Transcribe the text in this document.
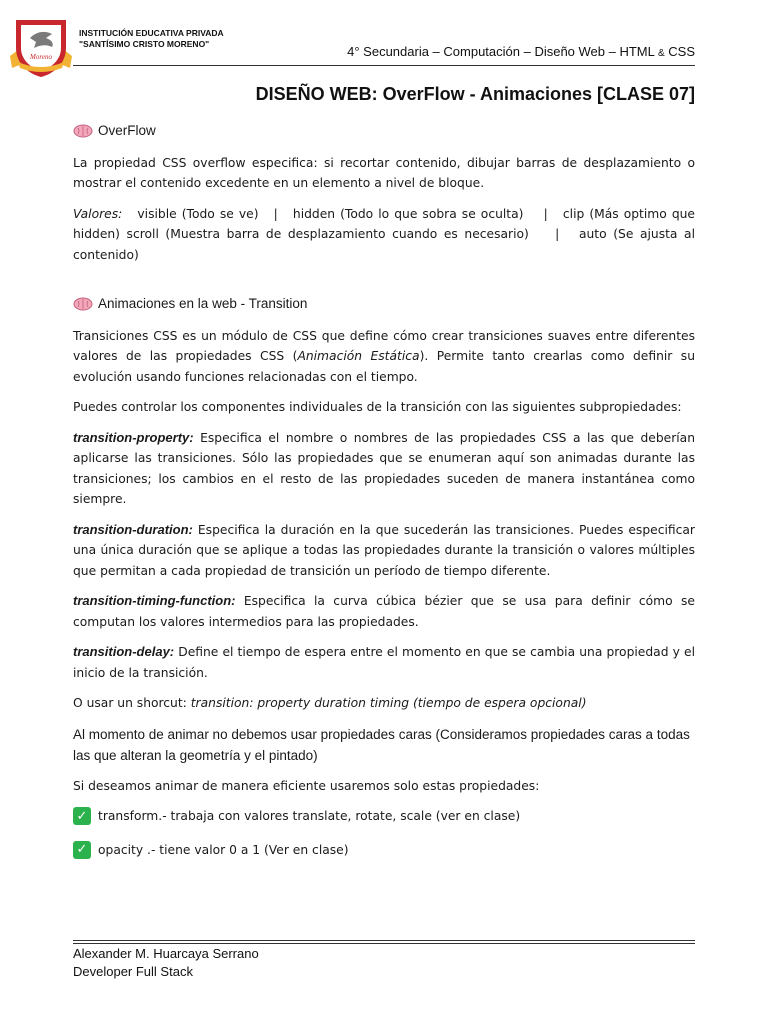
Moreno
INSTITUCIÓN EDUCATIVA PRIVADA
"SANTÍSIMO CRISTO MORENO"	4° Secundaria – Computación – Diseño Web – HTML & CSS
DISEÑO WEB: OverFlow - Animaciones [CLASE 07]
OverFlow

La propiedad CSS overflow especifica: si recortar contenido, dibujar barras de desplazamiento o mostrar el contenido excedente en un elemento a nivel de bloque.

Valores:   visible (Todo se ve)   |   hidden (Todo lo que sobra se oculta)    |   clip (Más optimo que hidden) scroll (Muestra barra de desplazamiento cuando es necesario)    |   auto (Se ajusta al contenido)

Animaciones en la web - Transition

Transiciones CSS es un módulo de CSS que define cómo crear transiciones suaves entre diferentes valores de las propiedades CSS (Animación Estática). Permite tanto crearlas como definir su evolución usando funciones relacionadas con el tiempo.

Puedes controlar los componentes individuales de la transición con las siguientes subpropiedades:

transition-property: Especifica el nombre o nombres de las propiedades CSS a las que deberían aplicarse las transiciones. Sólo las propiedades que se enumeran aquí son animadas durante las transiciones; los cambios en el resto de las propiedades suceden de manera instantánea como siempre.

transition-duration: Especifica la duración en la que sucederán las transiciones. Puedes especificar una única duración que se aplique a todas las propiedades durante la transición o valores múltiples que permitan a cada propiedad de transición un período de tiempo diferente.

transition-timing-function: Especifica la curva cúbica bézier que se usa para definir cómo se computan los valores intermedios para las propiedades.

transition-delay: Define el tiempo de espera entre el momento en que se cambia una propiedad y el inicio de la transición.

O usar un shorcut: transition: property duration timing (tiempo de espera opcional)

Al momento de animar no debemos usar propiedades caras (Consideramos propiedades caras a todas las que alteran la geometría y el pintado)

Si deseamos animar de manera eficiente usaremos solo estas propiedades:

✓ transform.- trabaja con valores translate, rotate, scale (ver en clase)
✓ opacity .- tiene valor 0 a 1 (Ver en clase)
Alexander M. Huarcaya Serrano
Developer Full Stack
